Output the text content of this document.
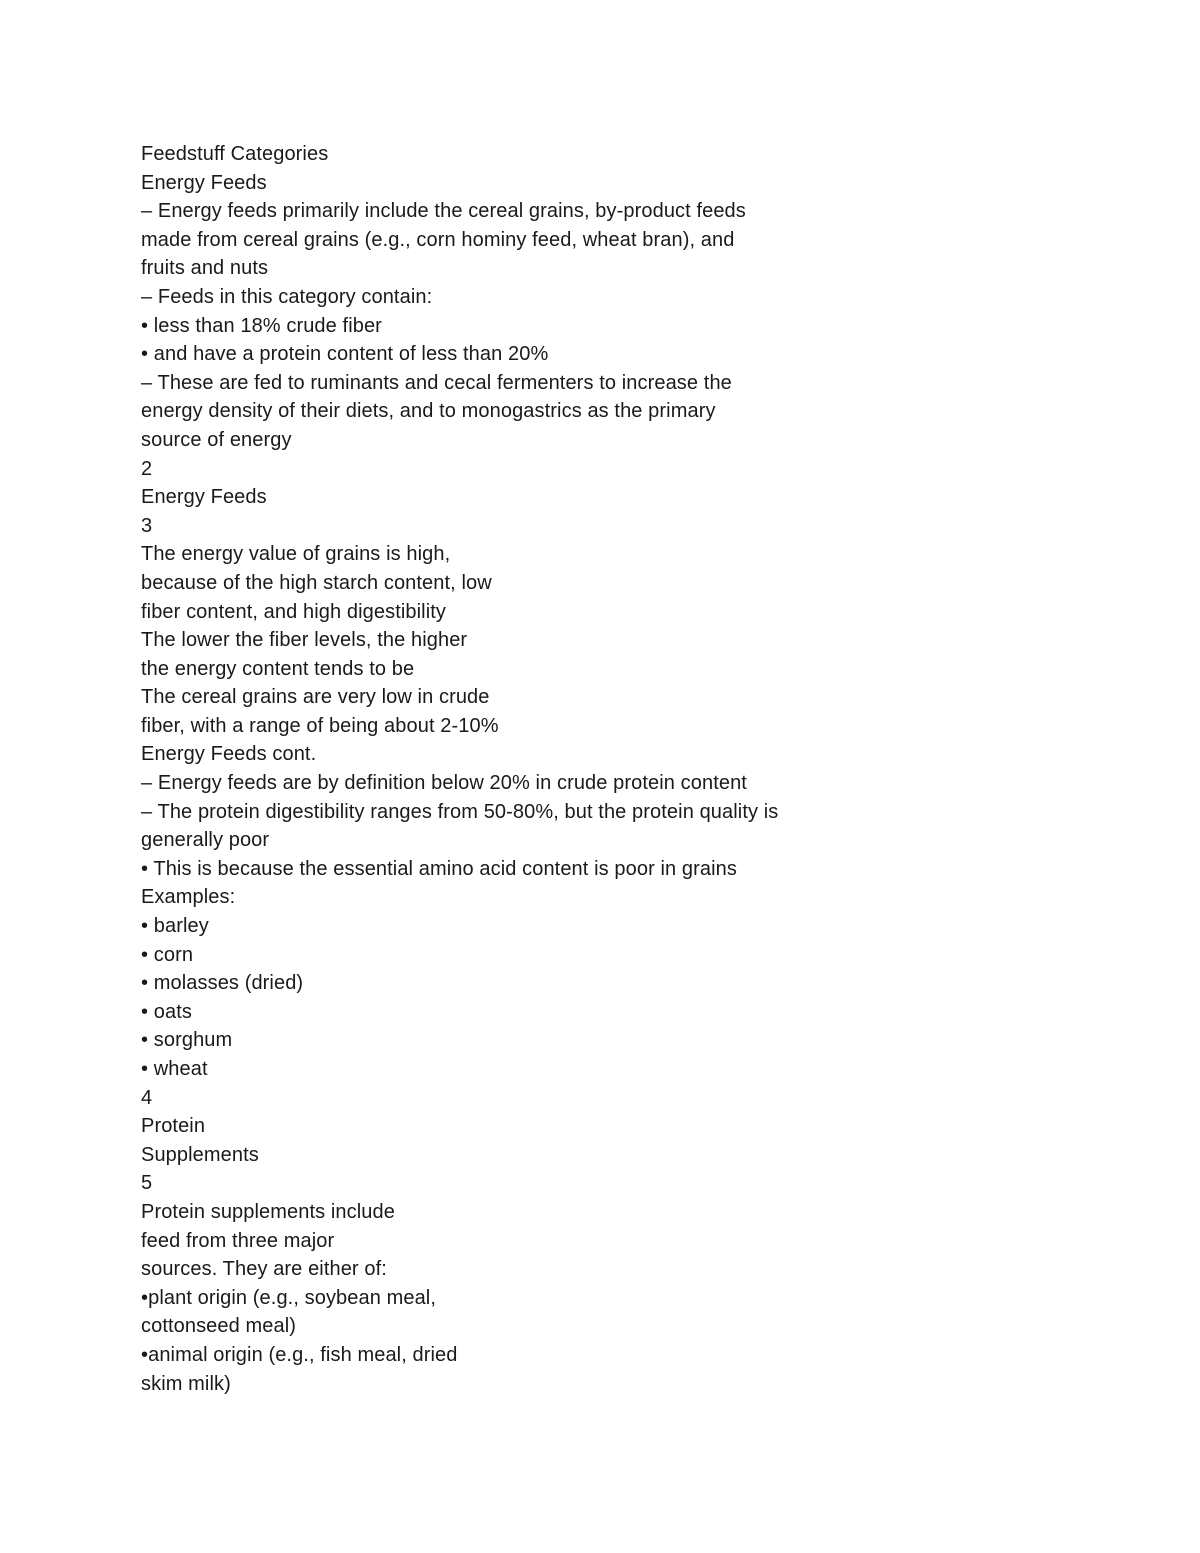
Feedstuff Categories
Energy Feeds
– Energy feeds primarily include the cereal grains, by-product feeds
made from cereal grains (e.g., corn hominy feed, wheat bran), and
fruits and nuts
– Feeds in this category contain:
• less than 18% crude fiber
• and have a protein content of less than 20%
– These are fed to ruminants and cecal fermenters to increase the
energy density of their diets, and to monogastrics as the primary
source of energy
2
Energy Feeds
3
The energy value of grains is high,
because of the high starch content, low
fiber content, and high digestibility
The lower the fiber levels, the higher
the energy content tends to be
The cereal grains are very low in crude
fiber, with a range of being about 2-10%
Energy Feeds cont.
– Energy feeds are by definition below 20% in crude protein content
– The protein digestibility ranges from 50-80%, but the protein quality is
generally poor
• This is because the essential amino acid content is poor in grains
Examples:
• barley
• corn
• molasses (dried)
• oats
• sorghum
• wheat
4
Protein
Supplements
5
Protein supplements include
feed from three major
sources. They are either of:
•plant origin (e.g., soybean meal,
cottonseed meal)
•animal origin (e.g., fish meal, dried
skim milk)
